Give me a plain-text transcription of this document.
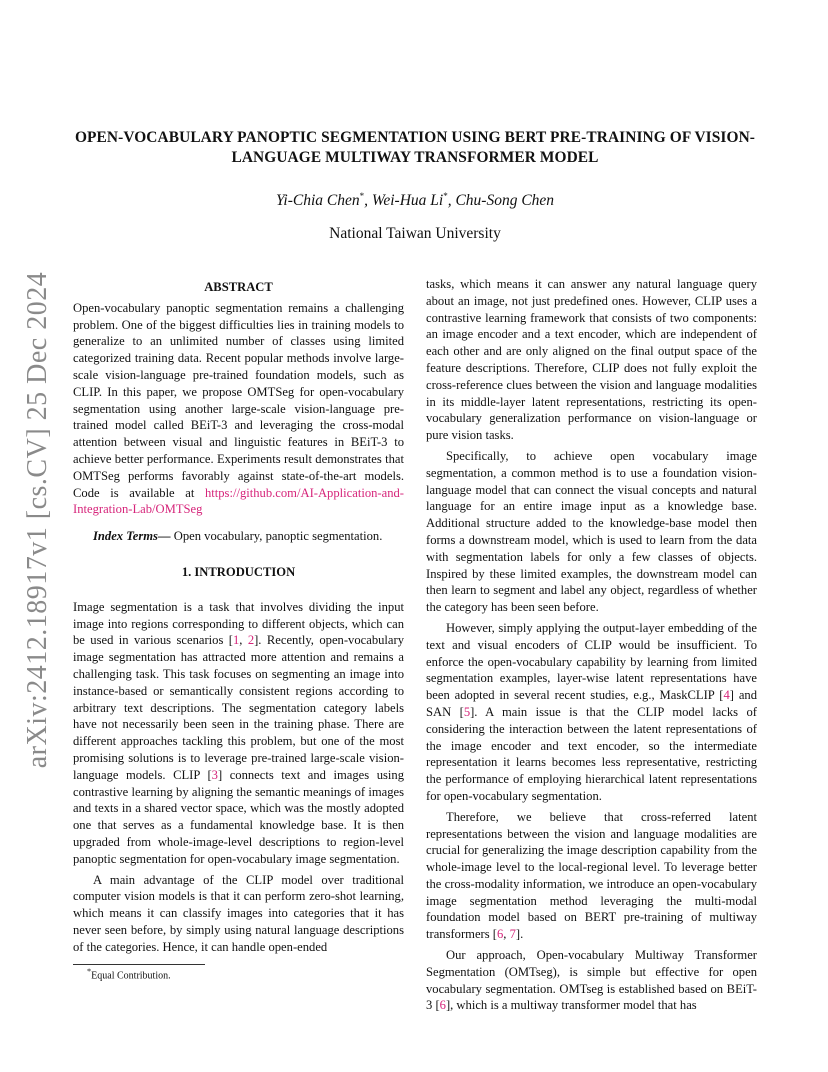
arXiv:2412.18917v1 [cs.CV] 25 Dec 2024
OPEN-VOCABULARY PANOPTIC SEGMENTATION USING BERT PRE-TRAINING OF VISION-LANGUAGE MULTIWAY TRANSFORMER MODEL
Yi-Chia Chen*, Wei-Hua Li*, Chu-Song Chen
National Taiwan University

ABSTRACT

Open-vocabulary panoptic segmentation remains a challenging problem. One of the biggest difficulties lies in training models to generalize to an unlimited number of classes using limited categorized training data. Recent popular methods involve large-scale vision-language pre-trained foundation models, such as CLIP. In this paper, we propose OMTSeg for open-vocabulary segmentation using another large-scale vision-language pre-trained model called BEiT-3 and leveraging the cross-modal attention between visual and linguistic features in BEiT-3 to achieve better performance. Experiments result demonstrates that OMTSeg performs favorably against state-of-the-art models. Code is available at https://github.com/AI-Application-and-Integration-Lab/OMTSeg

Index Terms— Open vocabulary, panoptic segmentation.

1. INTRODUCTION

Image segmentation is a task that involves dividing the input image into regions corresponding to different objects, which can be used in various scenarios [1, 2]. Recently, open-vocabulary image segmentation has attracted more attention and remains a challenging task. This task focuses on segmenting an image into instance-based or semantically consistent regions according to arbitrary text descriptions. The segmentation category labels have not necessarily been seen in the training phase. There are different approaches tackling this problem, but one of the most promising solutions is to leverage pre-trained large-scale vision-language models. CLIP [3] connects text and images using contrastive learning by aligning the semantic meanings of images and texts in a shared vector space, which was the mostly adopted one that serves as a fundamental knowledge base. It is then upgraded from whole-image-level descriptions to region-level panoptic segmentation for open-vocabulary image segmentation.

A main advantage of the CLIP model over traditional computer vision models is that it can perform zero-shot learning, which means it can classify images into categories that it has never seen before, by simply using natural language descriptions of the categories. Hence, it can handle open-ended

tasks, which means it can answer any natural language query about an image, not just predefined ones. However, CLIP uses a contrastive learning framework that consists of two components: an image encoder and a text encoder, which are independent of each other and are only aligned on the final output space of the feature descriptions. Therefore, CLIP does not fully exploit the cross-reference clues between the vision and language modalities in its middle-layer latent representations, restricting its open-vocabulary generalization performance on vision-language or pure vision tasks.

Specifically, to achieve open vocabulary image segmentation, a common method is to use a foundation vision-language model that can connect the visual concepts and natural language for an entire image input as a knowledge base. Additional structure added to the knowledge-base model then forms a downstream model, which is used to learn from the data with segmentation labels for only a few classes of objects. Inspired by these limited examples, the downstream model can then learn to segment and label any object, regardless of whether the category has been seen before.

However, simply applying the output-layer embedding of the text and visual encoders of CLIP would be insufficient. To enforce the open-vocabulary capability by learning from limited segmentation examples, layer-wise latent representations have been adopted in several recent studies, e.g., MaskCLIP [4] and SAN [5]. A main issue is that the CLIP model lacks of considering the interaction between the latent representations of the image encoder and text encoder, so the intermediate representation it learns becomes less representative, restricting the performance of employing hierarchical latent representations for open-vocabulary segmentation.

Therefore, we believe that cross-referred latent representations between the vision and language modalities are crucial for generalizing the image description capability from the whole-image level to the local-regional level. To leverage better the cross-modality information, we introduce an open-vocabulary image segmentation method leveraging the multi-modal foundation model based on BERT pre-training of multiway transformers [6, 7].

Our approach, Open-vocabulary Multiway Transformer Segmentation (OMTseg), is simple but effective for open vocabulary segmentation. OMTseg is established based on BEiT-3 [6], which is a multiway transformer model that has

*Equal Contribution.
